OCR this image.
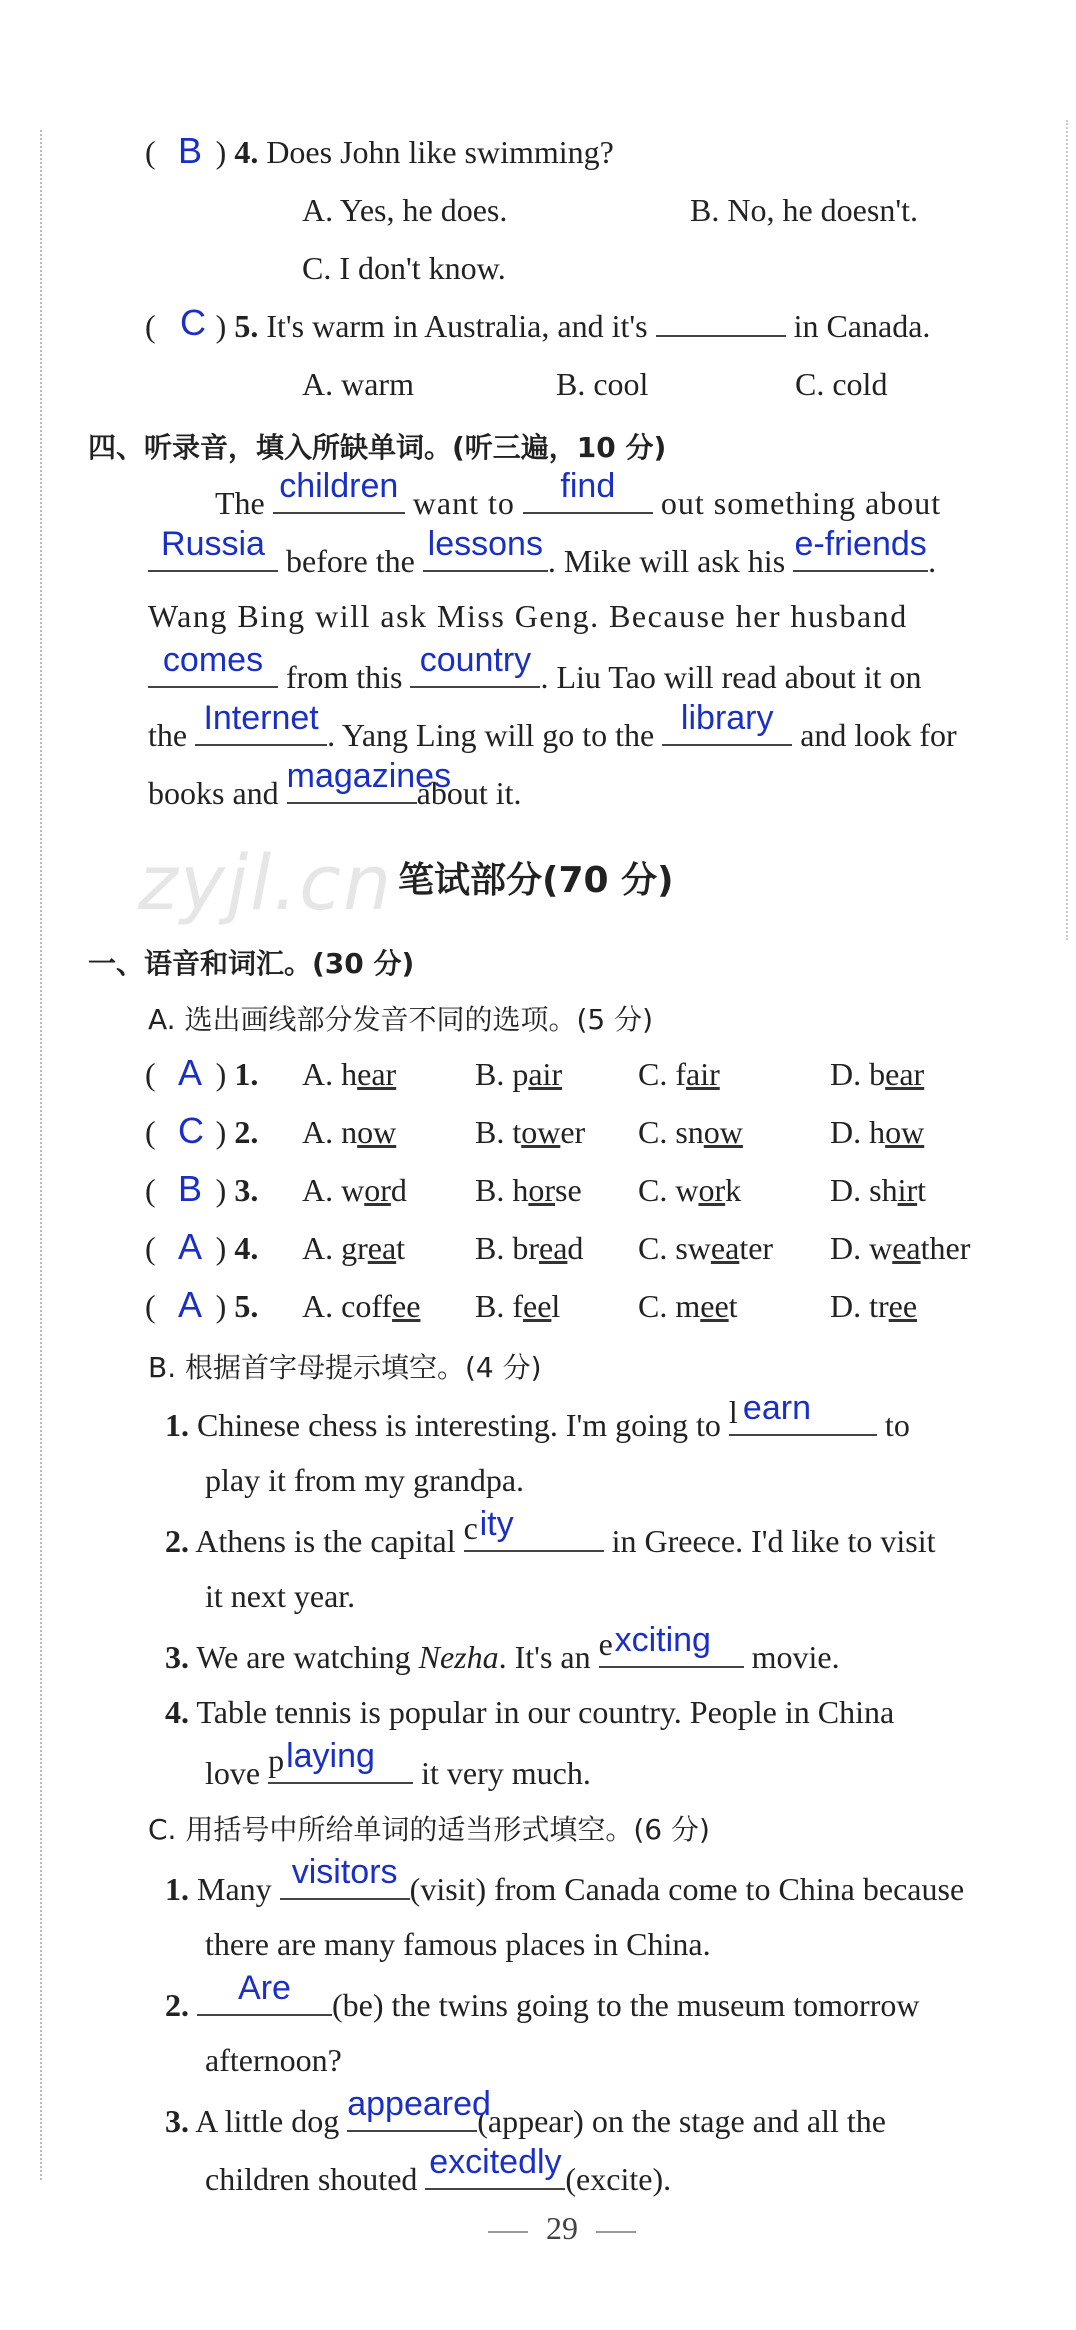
( ) 4. Does John like swimming?
B
A. Yes, he does.	B. No, he doesn't.
C. I don't know.
( ) 5. It's warm in Australia, and it's	in Canada.
C
A. warm	B. cool	C. cold
四、听录音，填入所缺单词。(听三遍，10 分)
The children want to	find	out something about
Russia before the lessons . Mike will ask his e-friends .
Wang Bing will ask Miss Geng. Because her husband
comes from this country . Liu Tao will read about it on
the Internet . Yang Ling will go to the library and look for
books and magazines
about it.
zyjl.cn 笔试部分(70 分)
一、语音和词汇。(30 分)
A. 选出画线部分发音不同的选项。(5 分)
( ) 1.
A	A. hear B. pair C. fair	D. bear
( ) 2.
C	A. now B. tower C. snow	D. how
( ) 3.
B	A. word B. horse C. work	D. shirt
( ) 4.
A	A. great B. bread C. sweater D. weather
( ) 5.
A	A. coffee B. feel C. meet	D. tree
B. 根据首字母提示填空。(4 分)
1. Chinese chess is interesting. I'm going to l earn	to
play it from my grandpa.
2. Athens is the capital c ity	in Greece. I'd like to visit
it next year.
3. We are watching Nezha. It's an e xciting	movie.
4. Table tennis is popular in our country. People in China
love p laying	it very much.
C. 用括号中所给单词的适当形式填空。(6 分)
1. Many visitors (visit) from Canada come to China because
there are many famous places in China.
2.	Are	(be) the twins going to the museum tomorrow
afternoon?
3. A little dog appeared
(appear) on the stage and all the
children shouted excitedly (excite).
29
